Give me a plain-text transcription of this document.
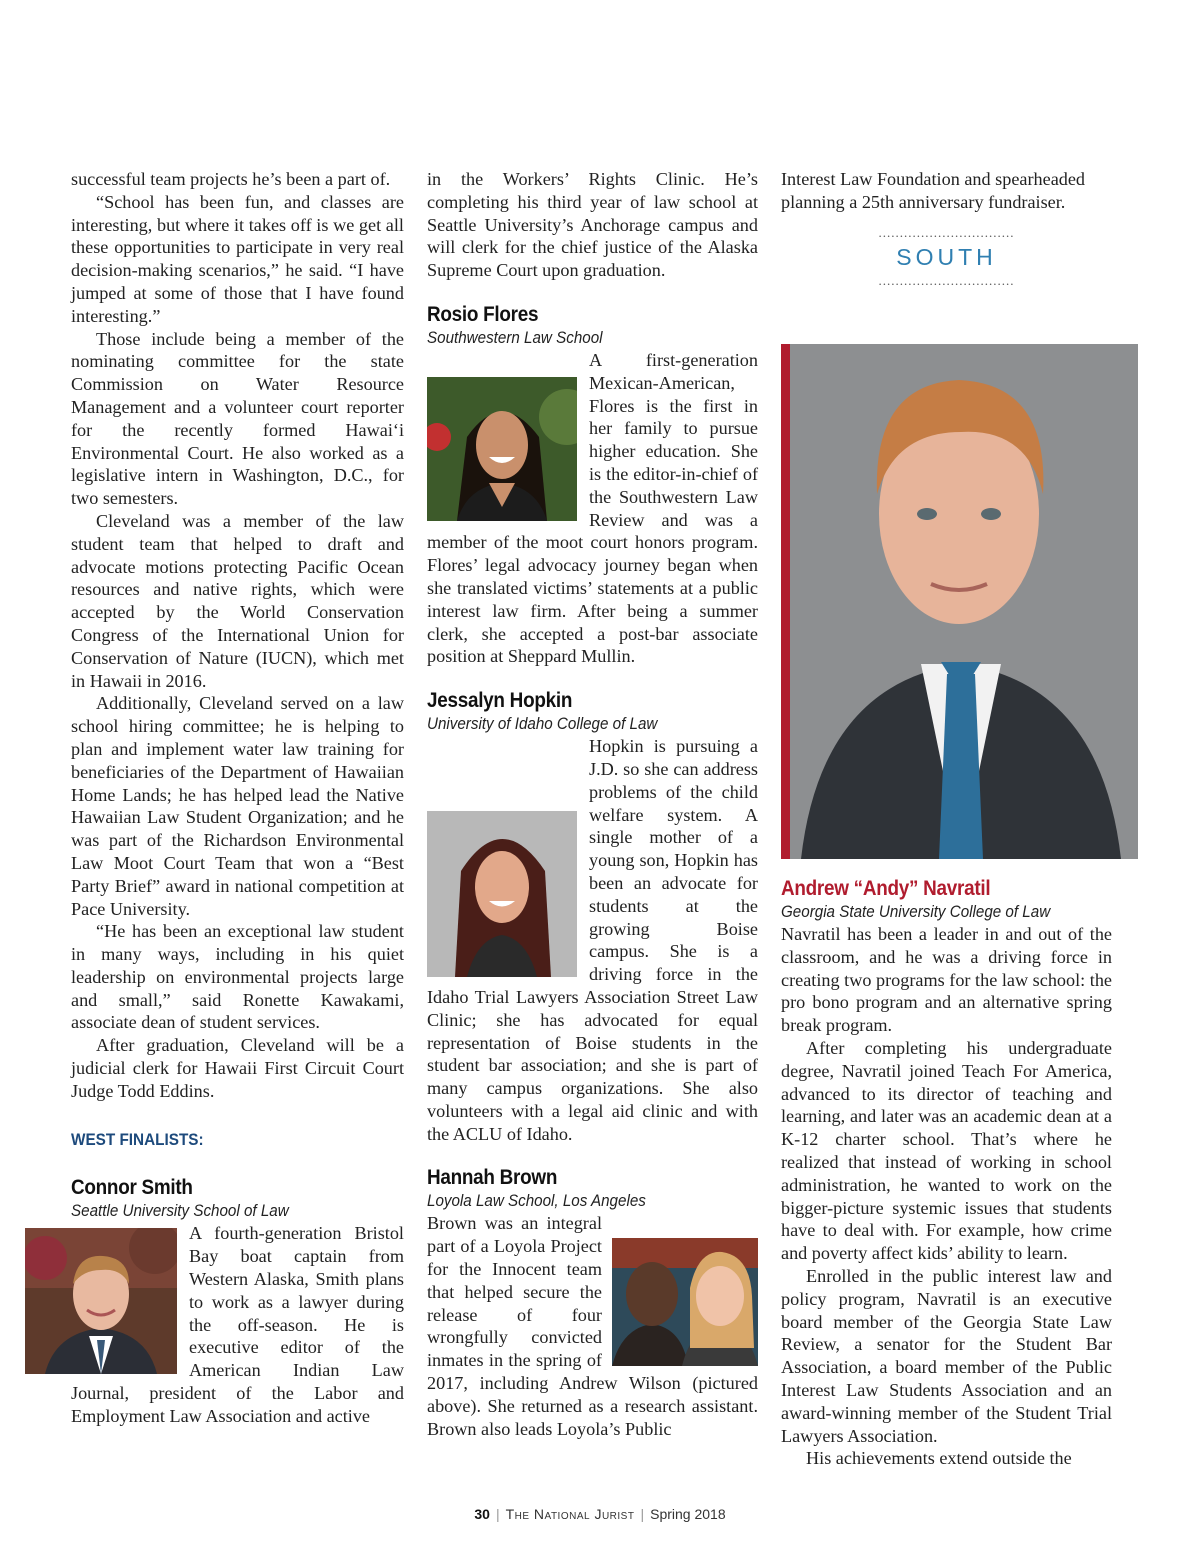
successful team projects he’s been a part of.

“School has been fun, and classes are interesting, but where it takes off is we get all these opportunities to participate in very real decision-making scenarios,” he said. “I have jumped at some of those that I have found interesting.”

Those include being a member of the nominating committee for the state Commission on Water Resource Management and a volunteer court reporter for the recently formed Hawai‘i Environmental Court. He also worked as a legislative intern in Washington, D.C., for two semesters.

Cleveland was a member of the law student team that helped to draft and advocate motions protecting Pacific Ocean resources and native rights, which were accepted by the World Conservation Congress of the International Union for Conservation of Nature (IUCN), which met in Hawaii in 2016.

Additionally, Cleveland served on a law school hiring committee; he is helping to plan and implement water law training for beneficiaries of the Department of Hawaiian Home Lands; he has helped lead the Native Hawaiian Law Student Organization; and he was part of the Richardson Environmental Law Moot Court Team that won a “Best Party Brief” award in national competition at Pace University.

“He has been an exceptional law student in many ways, including in his quiet leadership on environmental projects large and small,” said Ronette Kawakami, associate dean of student services.

After graduation, Cleveland will be a judicial clerk for Hawaii First Circuit Court Judge Todd Eddins.

WEST FINALISTS:
Connor Smith
Seattle University School of Law

A fourth-generation Bristol Bay boat captain from Western Alaska, Smith plans to work as a lawyer during the off-season. He is executive editor of the American Indian Law Journal, president of the Labor and Employment Law Association and active

in the Workers’ Rights Clinic. He’s completing his third year of law school at Seattle University’s Anchorage campus and will clerk for the chief justice of the Alaska Supreme Court upon graduation.

Rosio Flores
Southwestern Law School

A first-generation Mexican-American, Flores is the first in her family to pursue higher education. She is the editor-in-chief of the Southwestern Law Review and was a member of the moot court honors program. Flores’ legal advocacy journey began when she translated victims’ statements at a public interest law firm. After being a summer clerk, she accepted a post-bar associate position at Sheppard Mullin.

Jessalyn Hopkin
University of Idaho College of Law

Hopkin is pursuing a J.D. so she can address problems of the child welfare system. A single mother of a young son, Hopkin has been an advocate for students at the growing Boise campus. She is a driving force in the Idaho Trial Lawyers Association Street Law Clinic; she has advocated for equal representation of Boise students in the student bar association; and she is part of many campus organizations. She also volunteers with a legal aid clinic and with the ACLU of Idaho.

Hannah Brown
Loyola Law School, Los Angeles

Brown was an integral part of a Loyola Project for the Innocent team that helped secure the release of four wrongfully convicted inmates in the spring of 2017, including Andrew Wilson (pictured above). She returned as a research assistant. Brown also leads Loyola’s Public

Interest Law Foundation and spearheaded planning a 25th anniversary fundraiser.

................................
SOUTH
................................
Andrew “Andy” Navratil
Georgia State University College of Law

Navratil has been a leader in and out of the classroom, and he was a driving force in creating two programs for the law school: the pro bono program and an alternative spring break program.

After completing his undergraduate degree, Navratil joined Teach For America, advanced to its director of teaching and learning, and later was an academic dean at a K-12 charter school. That’s where he realized that instead of working in school administration, he wanted to work on the bigger-picture systemic issues that students have to deal with. For example, how crime and poverty affect kids’ ability to learn.

Enrolled in the public interest law and policy program, Navratil is an executive board member of the Georgia State Law Review, a senator for the Student Bar Association, a board member of the Public Interest Law Students Association and an award-winning member of the Student Trial Lawyers Association.

His achievements extend outside the

30 | The National Jurist | Spring 2018
